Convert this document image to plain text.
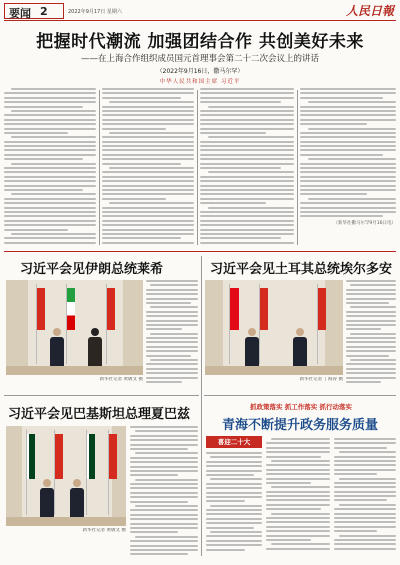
要闻 2	2022年9月17日 星期六	人民日報
把握时代潮流 加强团结合作 共创美好未来
——在上海合作组织成员国元首理事会第二十二次会议上的讲话
（2022年9月16日，撒马尔罕）
中华人民共和国主席 习近平
（新华社撒马尔罕9月16日电）
习近平会见伊朗总统莱希
新华社记者 黄敬文 摄
习近平会见土耳其总统埃尔多安
新华社记者 丁海涛 摄
习近平会见巴基斯坦总理夏巴兹
新华社记者 黄敬文 摄
抓政策落实 抓工作落实 抓行动落实
青海不断提升政务服务质量
喜迎二十大
